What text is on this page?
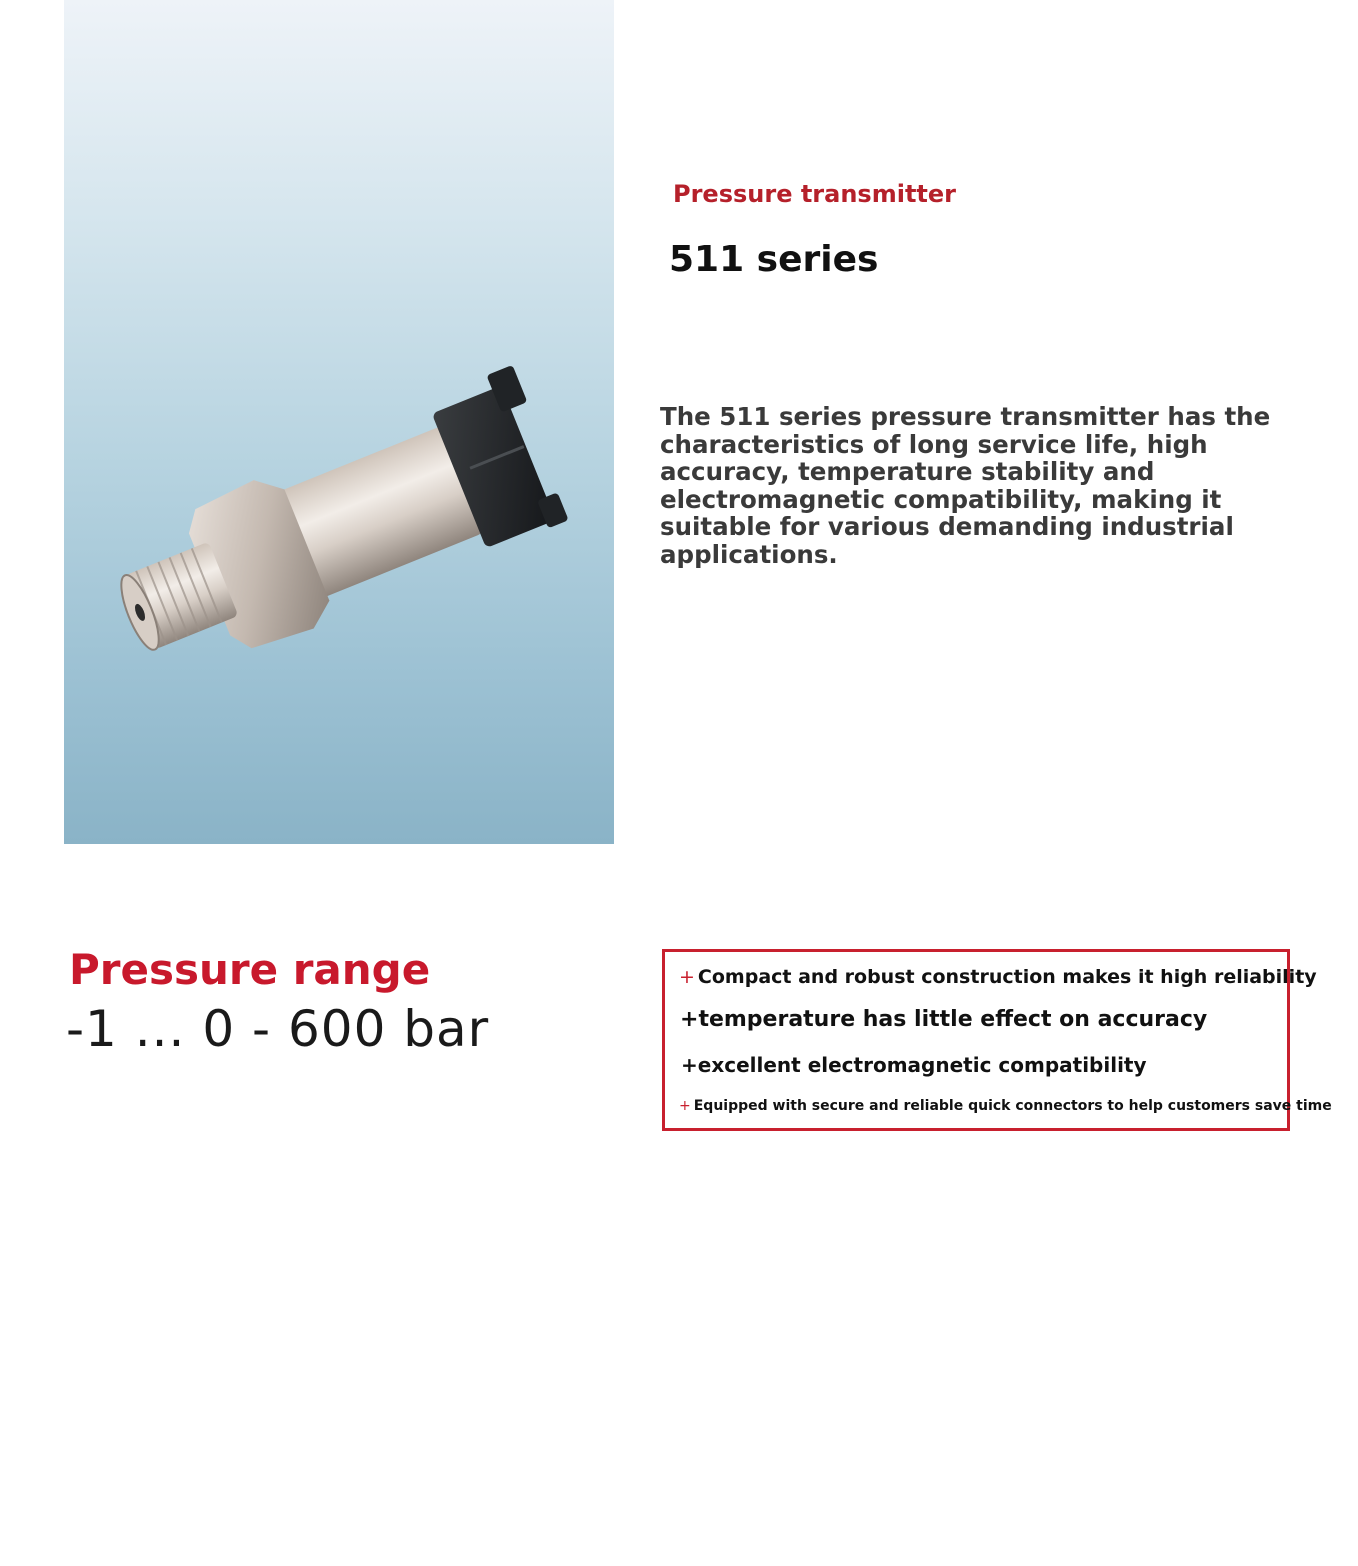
Pressure transmitter
511 series
The 511 series pressure transmitter has the characteristics of long service life, high accuracy, temperature stability and electromagnetic compatibility, making it suitable for various demanding industrial applications.
Pressure range
-1 ... 0 - 600 bar
+ Compact and robust construction makes it high reliability
+temperature has little effect on accuracy
+excellent electromagnetic compatibility
+ Equipped with secure and reliable quick connectors to help customers save time
